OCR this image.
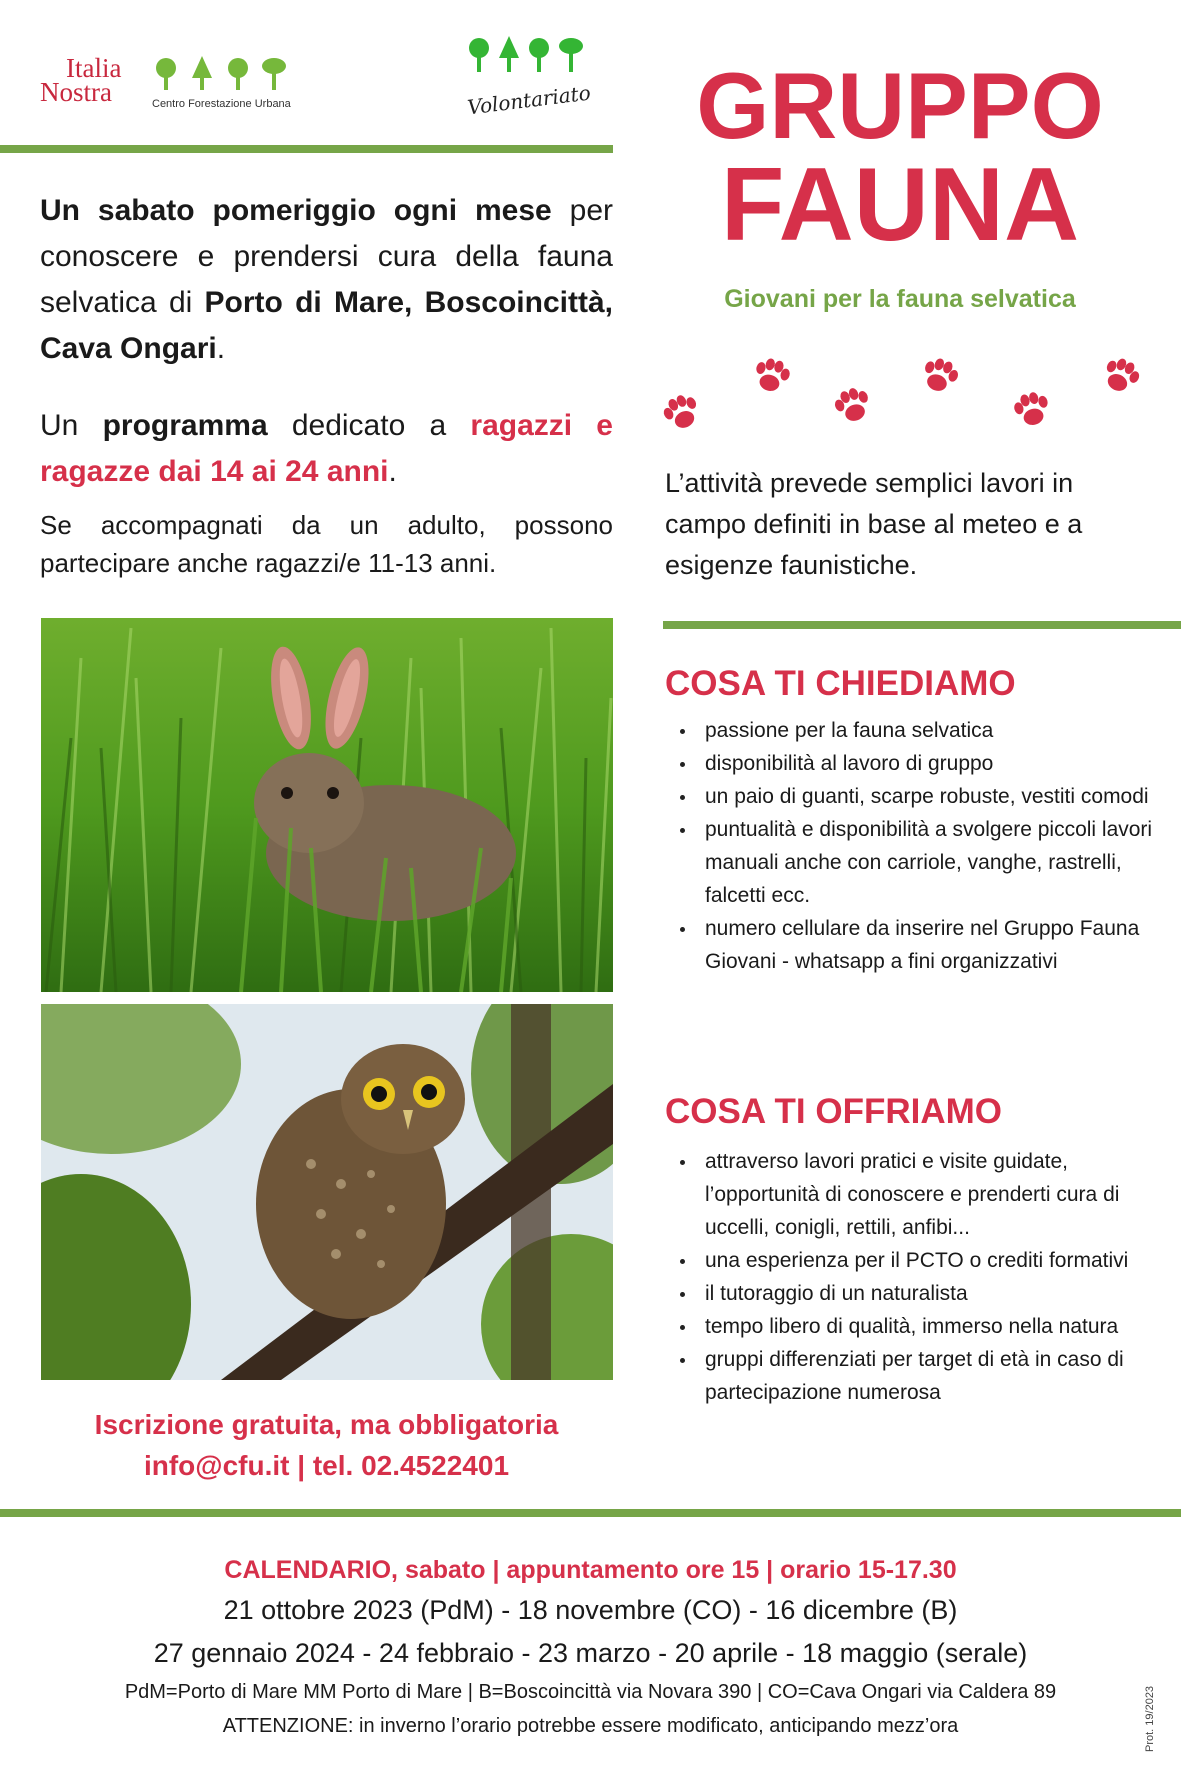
Italia
Nostra	Centro Forestazione Urbana	Volontariato
Un sabato pomeriggio ogni mese per conoscere e prendersi cura della fauna selvatica di Porto di Mare, Boscoincittà, Cava Ongari.
Un programma dedicato a ragazzi e ragazze dai 14 ai 24 anni.
Se accompagnati da un adulto, possono partecipare anche ragazzi/e 11-13 anni.
Iscrizione gratuita, ma obbligatoria
info@cfu.it | tel. 02.4522401
GRUPPO
FAUNA
Giovani per la fauna selvatica
L’attività prevede semplici lavori in campo definiti in base al meteo e a esigenze faunistiche.
COSA TI CHIEDIAMO
passione per la fauna selvatica
disponibilità al lavoro di gruppo
un paio di guanti, scarpe robuste, vestiti comodi
puntualità e disponibilità a svolgere piccoli lavori manuali anche con carriole, vanghe, rastrelli, falcetti ecc.
numero cellulare da inserire nel Gruppo Fauna Giovani - whatsapp a fini organizzativi
COSA TI OFFRIAMO
attraverso lavori pratici e visite guidate, l’opportunità di conoscere e prenderti cura di uccelli, conigli, rettili, anfibi...
una esperienza per il PCTO o crediti formativi
il tutoraggio di un naturalista
tempo libero di qualità, immerso nella natura
gruppi differenziati per target di età in caso di partecipazione numerosa
CALENDARIO, sabato | appuntamento ore 15 | orario 15-17.30
21 ottobre 2023 (PdM) - 18 novembre (CO) - 16 dicembre (B)
27 gennaio 2024 - 24 febbraio - 23 marzo - 20 aprile - 18 maggio (serale)
PdM=Porto di Mare MM Porto di Mare | B=Boscoincittà via Novara 390 | CO=Cava Ongari via Caldera 89
ATTENZIONE: in inverno l’orario potrebbe essere modificato, anticipando mezz’ora	Prot. 19/2023
